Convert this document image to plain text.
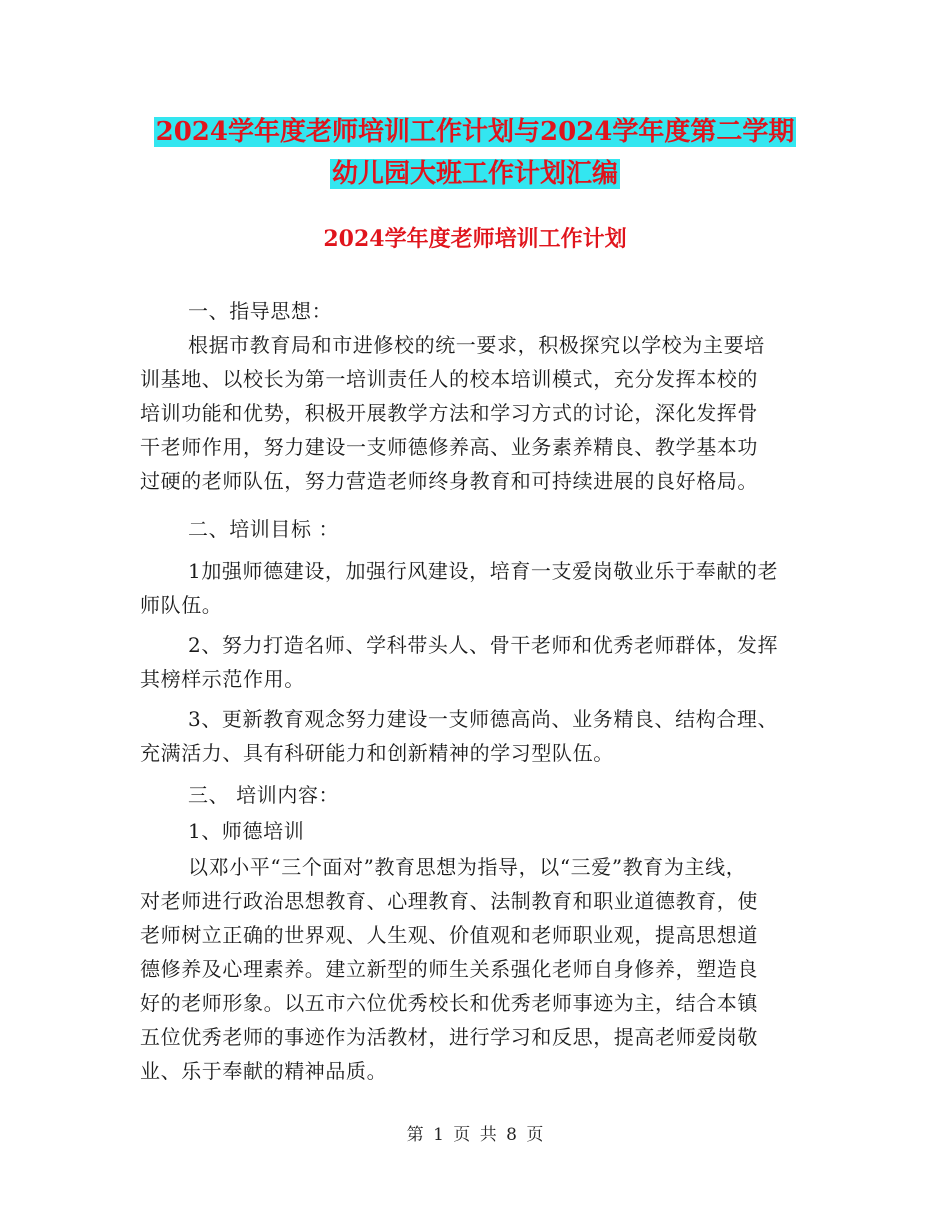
2024学年度老师培训工作计划与2024学年度第二学期
幼儿园大班工作计划汇编
2024学年度老师培训工作计划
一、指导思想：
根据市教育局和市进修校的统一要求，积极探究以学校为主要培
训基地、以校长为第一培训责任人的校本培训模式，充分发挥本校的
培训功能和优势，积极开展教学方法和学习方式的讨论，深化发挥骨
干老师作用，努力建设一支师德修养高、业务素养精良、教学基本功
过硬的老师队伍，努力营造老师终身教育和可持续进展的良好格局。
二、培训目标 ：
1加强师德建设，加强行风建设，培育一支爱岗敬业乐于奉献的老
师队伍。
2、努力打造名师、学科带头人、骨干老师和优秀老师群体，发挥
其榜样示范作用。
3、更新教育观念努力建设一支师德高尚、业务精良、结构合理、
充满活力、具有科研能力和创新精神的学习型队伍。
三、 培训内容：
1、师德培训
以邓小平“三个面对”教育思想为指导，以“三爱”教育为主线，
对老师进行政治思想教育、心理教育、法制教育和职业道德教育，使
老师树立正确的世界观、人生观、价值观和老师职业观，提高思想道
德修养及心理素养。建立新型的师生关系强化老师自身修养，塑造良
好的老师形象。以五市六位优秀校长和优秀老师事迹为主，结合本镇
五位优秀老师的事迹作为活教材，进行学习和反思，提高老师爱岗敬
业、乐于奉献的精神品质。
第 1 页 共 8 页
